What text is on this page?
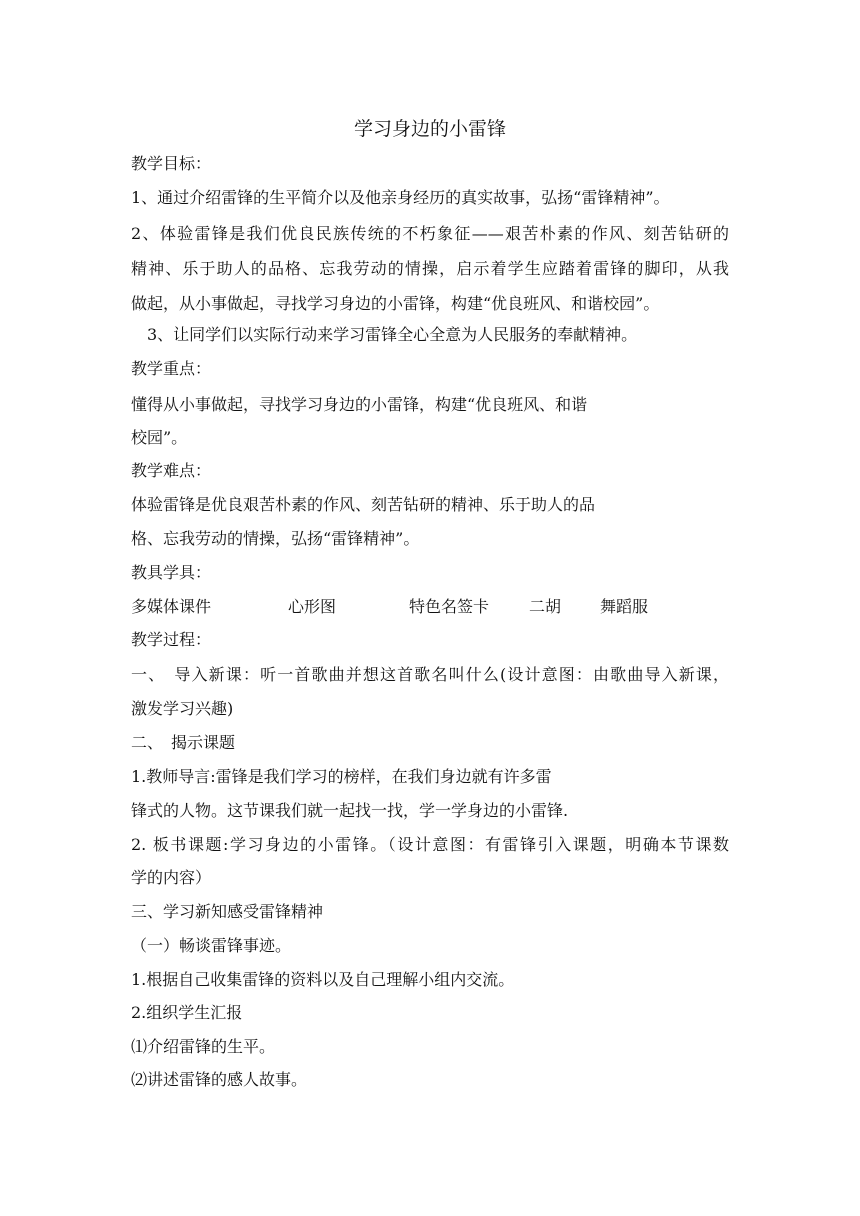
学习身边的小雷锋
教学目标：
1、通过介绍雷锋的生平简介以及他亲身经历的真实故事，弘扬“雷锋精神”。
2、体验雷锋是我们优良民族传统的不朽象征——艰苦朴素的作风、刻苦钻研的
精神、乐于助人的品格、忘我劳动的情操，启示着学生应踏着雷锋的脚印，从我
做起，从小事做起，寻找学习身边的小雷锋，构建“优良班风、和谐校园”。
3、让同学们以实际行动来学习雷锋全心全意为人民服务的奉献精神。
教学重点：
懂得从小事做起，寻找学习身边的小雷锋，构建“优良班风、和谐
校园”。
教学难点：
体验雷锋是优良艰苦朴素的作风、刻苦钻研的精神、乐于助人的品
格、忘我劳动的情操，弘扬“雷锋精神”。
教具学具：
多媒体课件	心形图	特色名签卡 二胡 舞蹈服
教学过程：
一、　导入新课：听一首歌曲并想这首歌名叫什么(设计意图：由歌曲导入新课，
激发学习兴趣)
二、　揭示课题
1.教师导言:雷锋是我们学习的榜样，在我们身边就有许多雷
锋式的人物。这节课我们就一起找一找，学一学身边的小雷锋.
2. 板书课题:学习身边的小雷锋。（设计意图：有雷锋引入课题，明确本节课数
学的内容）
三、学习新知感受雷锋精神
（一）畅谈雷锋事迹。
1.根据自己收集雷锋的资料以及自己理解小组内交流。
2.组织学生汇报
⑴介绍雷锋的生平。
⑵讲述雷锋的感人故事。
